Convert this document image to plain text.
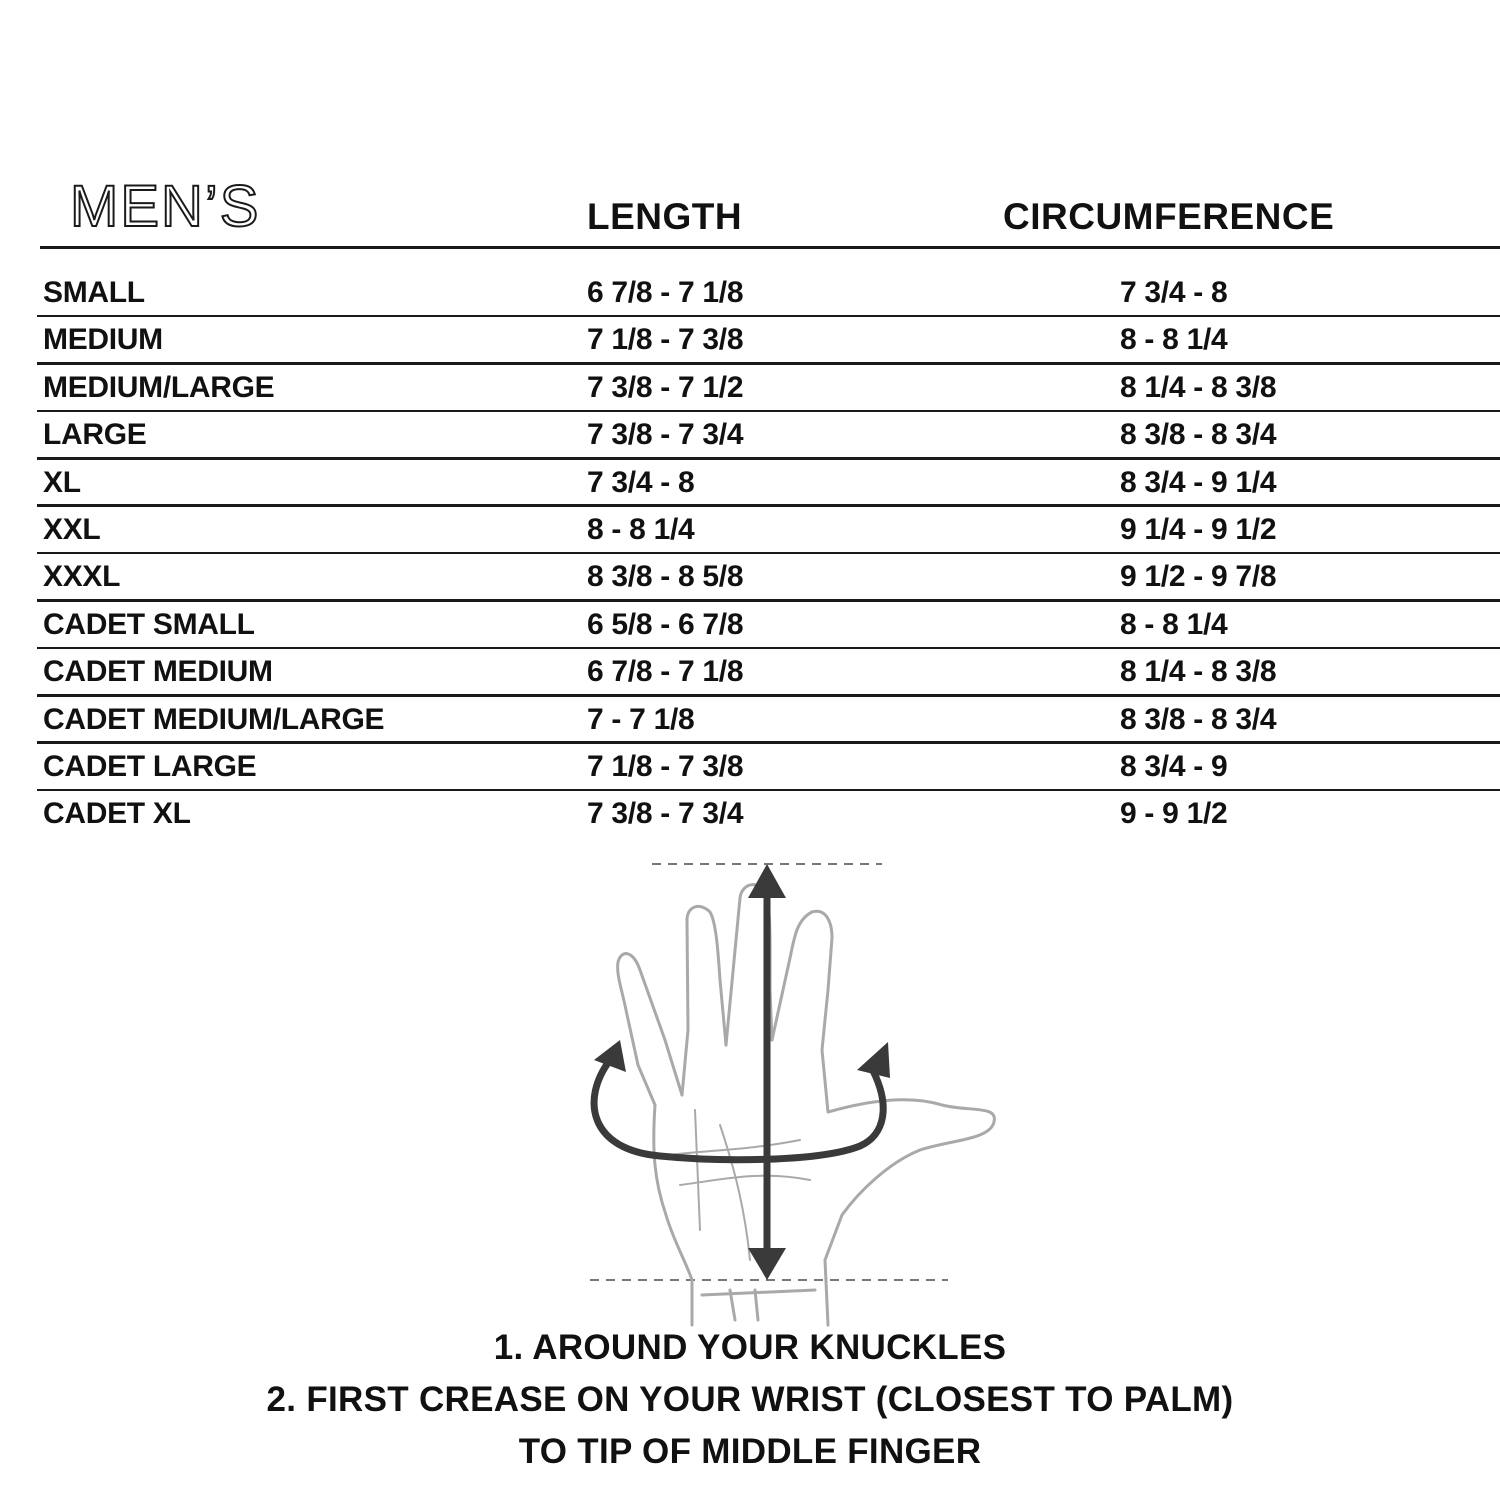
MEN’S	LENGTH	CIRCUMFERENCE
SMALL	6 7/8 - 7 1/8	7 3/4 - 8
MEDIUM	7 1/8 - 7 3/8	8 - 8 1/4
MEDIUM/LARGE	7 3/8 - 7 1/2	8 1/4 - 8 3/8
LARGE	7 3/8 - 7 3/4	8 3/8 - 8 3/4
XL	7 3/4 - 8	8 3/4 - 9 1/4
XXL	8 - 8 1/4	9 1/4 - 9 1/2
XXXL	8 3/8 - 8 5/8	9 1/2 - 9 7/8
CADET SMALL	6 5/8 - 6 7/8	8 - 8 1/4
CADET MEDIUM	6 7/8 - 7 1/8	8 1/4 - 8 3/8
CADET MEDIUM/LARGE	7 - 7 1/8	8 3/8 - 8 3/4
CADET LARGE	7 1/8 - 7 3/8	8 3/4 - 9
CADET XL	7 3/8 - 7 3/4	9 - 9 1/2
1. AROUND YOUR KNUCKLES
2. FIRST CREASE ON YOUR WRIST (CLOSEST TO PALM)
TO TIP OF MIDDLE FINGER
